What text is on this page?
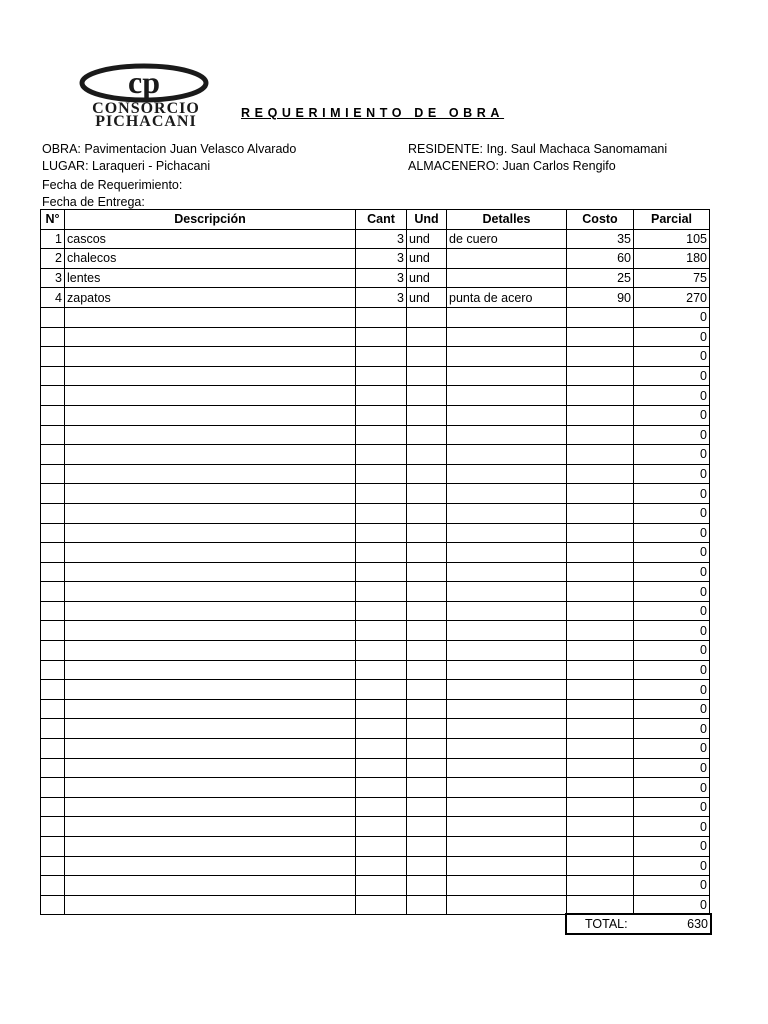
cp
CONSORCIO
PICHACANI	REQUERIMIENTO DE OBRA
OBRA: Pavimentacion Juan Velasco Alvarado
LUGAR: Laraqueri - Pichacani
Fecha de Requerimiento:
Fecha de Entrega:
RESIDENTE: Ing. Saul Machaca Sanomamani
ALMACENERO: Juan Carlos Rengifo
N°	Descripción	Cant	Und	Detalles	Costo	Parcial
1	cascos	3	und	de cuero	35	105
2	chalecos	3	und		60	180
3	lentes	3	und		25	75
4	zapatos	3	und	punta de acero	90	270
						0
						0
						0
						0
						0
						0
						0
						0
						0
						0
						0
						0
						0
						0
						0
						0
						0
						0
						0
						0
						0
						0
						0
						0
						0
						0
						0
						0
						0
						0
						0
TOTAL:	630
